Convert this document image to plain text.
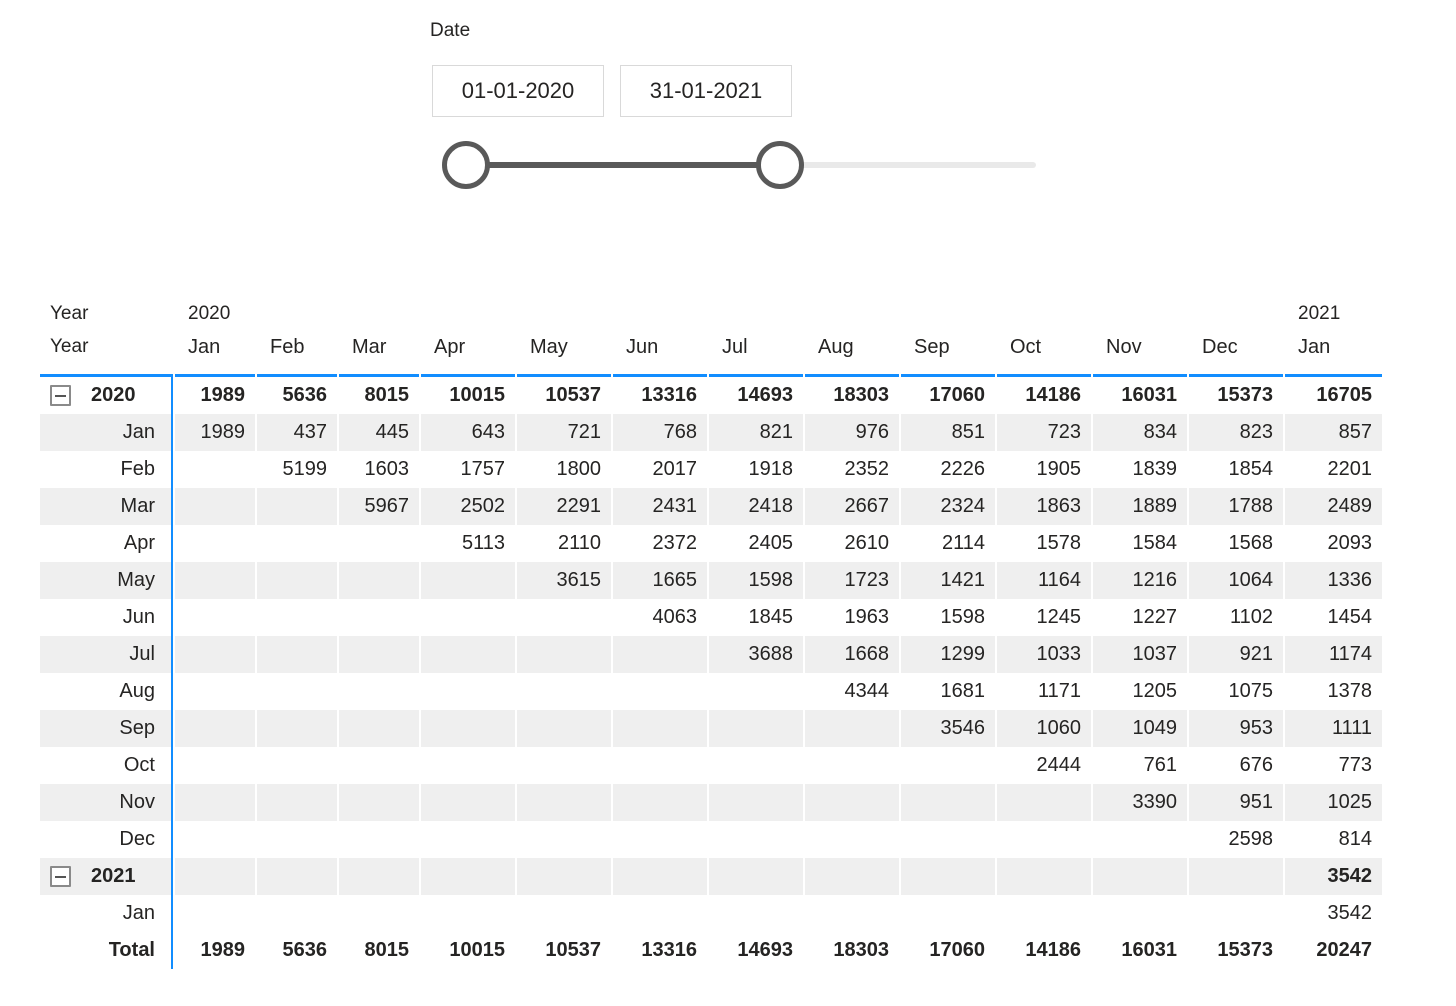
Date
01-01-2020	31-01-2021
Year	2020												2021
Year	Jan	Feb	Mar	Apr	May	Jun	Jul	Aug	Sep	Oct	Nov	Dec	Jan

2020	1989	5636	8015	10015	10537	13316	14693	18303	17060	14186	16031	15373	16705
Jan	1989	437	445	643	721	768	821	976	851	723	834	823	857
Feb		5199	1603	1757	1800	2017	1918	2352	2226	1905	1839	1854	2201
Mar			5967	2502	2291	2431	2418	2667	2324	1863	1889	1788	2489
Apr				5113	2110	2372	2405	2610	2114	1578	1584	1568	2093
May					3615	1665	1598	1723	1421	1164	1216	1064	1336
Jun						4063	1845	1963	1598	1245	1227	1102	1454
Jul							3688	1668	1299	1033	1037	921	1174
Aug								4344	1681	1171	1205	1075	1378
Sep									3546	1060	1049	953	1111
Oct										2444	761	676	773
Nov											3390	951	1025
Dec												2598	814

2021													3542
Jan													3542
Total	1989	5636	8015	10015	10537	13316	14693	18303	17060	14186	16031	15373	20247
